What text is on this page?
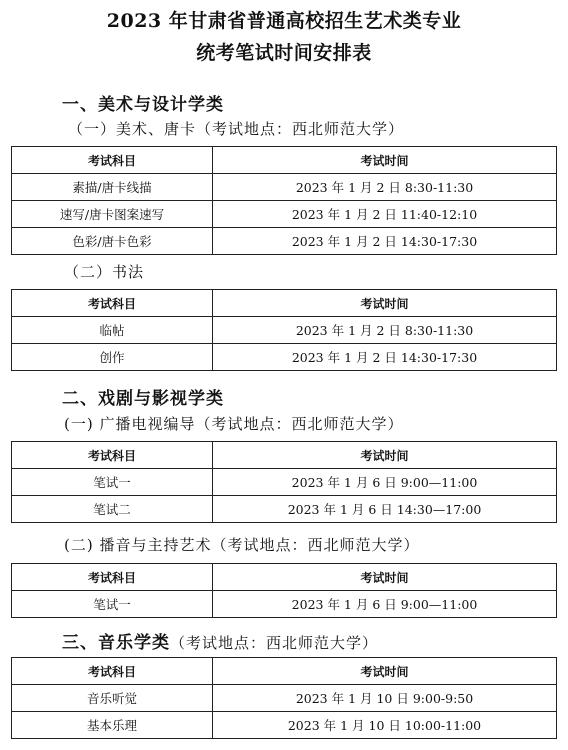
2023 年甘肃省普通高校招生艺术类专业
统考笔试时间安排表
一、美术与设计学类
（一）美术、唐卡（考试地点：西北师范大学）
考试科目	考试时间
素描/唐卡线描	2023 年 1 月 2 日 8:30-11:30
速写/唐卡图案速写	2023 年 1 月 2 日 11:40-12:10
色彩/唐卡色彩	2023 年 1 月 2 日 14:30-17:30
（二）书法
考试科目	考试时间
临帖	2023 年 1 月 2 日 8:30-11:30
创作	2023 年 1 月 2 日 14:30-17:30
二、戏剧与影视学类
(一) 广播电视编导（考试地点：西北师范大学）
考试科目	考试时间
笔试一	2023 年 1 月 6 日 9:00—11:00
笔试二	2023 年 1 月 6 日 14:30—17:00
(二) 播音与主持艺术（考试地点：西北师范大学）
考试科目	考试时间
笔试一	2023 年 1 月 6 日 9:00—11:00
三、音乐学类（考试地点：西北师范大学）
考试科目	考试时间
音乐听觉	2023 年 1 月 10 日 9:00-9:50
基本乐理	2023 年 1 月 10 日 10:00-11:00
